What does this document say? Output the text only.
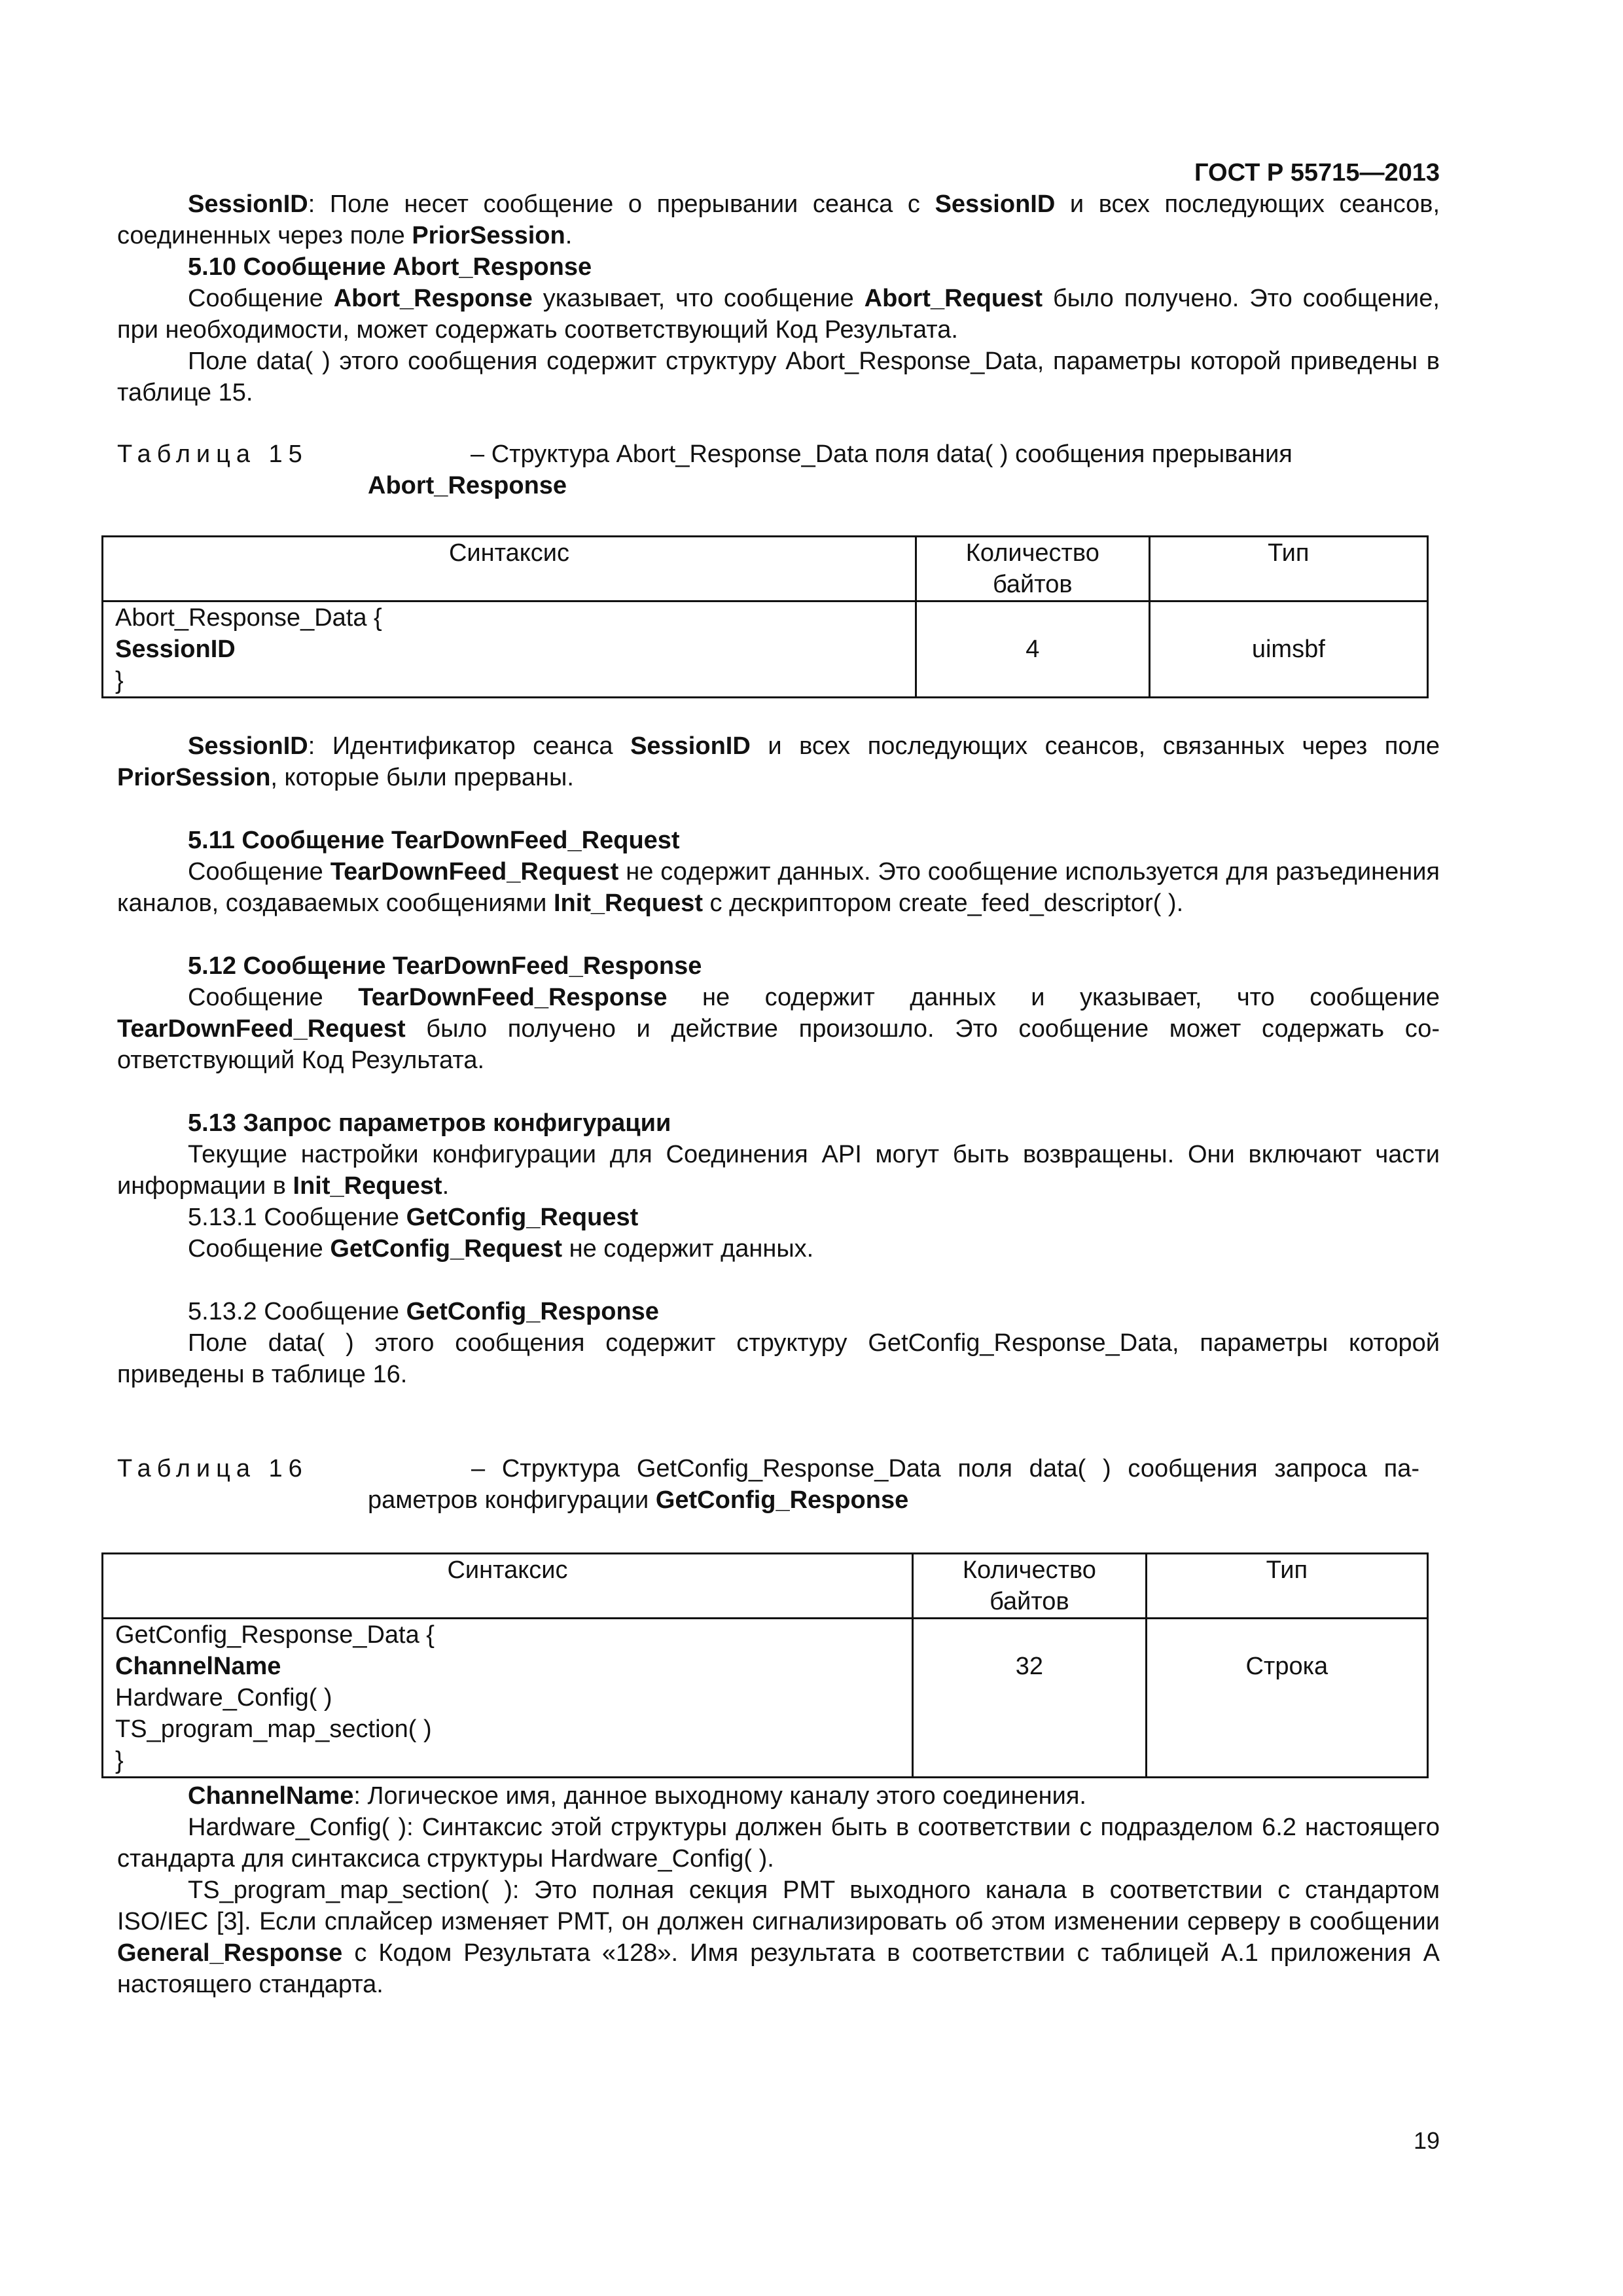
ГОСТ Р 55715—2013

SessionID: Поле несет сообщение о прерывании сеанса с SessionID и всех последующих сеансов, соединенных через поле PriorSession.

5.10 Сообщение Abort_Response

Сообщение Abort_Response указывает, что сообщение Abort_Request было получено. Это сообщение, при необходимости, может содержать соответствующий Код Результата.

Поле data( ) этого сообщения содержит структуру Abort_Response_Data, параметры которой приведены в таблице 15.

Таблица 15	– Структура Abort_Response_Data поля data( ) сообщения прерывания

Abort_Response

Синтаксис	Количество байтов	Тип

Abort_Response_Data {
SessionID
}	4	uimsbf

SessionID: Идентификатор сеанса SessionID и всех последующих сеансов, связанных через поле PriorSession, которые были прерваны.

5.11 Сообщение TearDownFeed_Request

Сообщение TearDownFeed_Request не содержит данных. Это сообщение используется для разъединения каналов, создаваемых сообщениями Init_Request с дескриптором create_feed_descriptor( ).

5.12 Сообщение TearDownFeed_Response

Сообщение TearDownFeed_Response не содержит данных и указывает, что сообщение TearDownFeed_Request было получено и действие произошло. Это сообщение может содержать соответствующий Код Результата.

5.13 Запрос параметров конфигурации

Текущие настройки конфигурации для Соединения API могут быть возвращены. Они включают части информации в Init_Request.

5.13.1 Сообщение GetConfig_Request

Сообщение GetConfig_Request не содержит данных.

5.13.2 Сообщение GetConfig_Response

Поле data( ) этого сообщения содержит структуру GetConfig_Response_Data, параметры которой приведены в таблице 16.

Таблица 16	– Структура GetConfig_Response_Data поля data( ) сообщения запроса параметров конфигурации GetConfig_Response

Синтаксис	Количество байтов	Тип

GetConfig_Response_Data {
ChannelName
Hardware_Config( )
TS_program_map_section( )
}	32	Строка

ChannelName: Логическое имя, данное выходному каналу этого соединения.

Hardware_Config( ): Синтаксис этой структуры должен быть в соответствии с подразделом 6.2 настоящего стандарта для синтаксиса структуры Hardware_Config( ).

TS_program_map_section( ): Это полная секция PMT выходного канала в соответствии с стандартом ISO/IEC [3]. Если сплайсер изменяет PMT, он должен сигнализировать об этом изменении серверу в сообщении General_Response с Кодом Результата «128». Имя результата в соответствии с таблицей А.1 приложения А настоящего стандарта.

19
